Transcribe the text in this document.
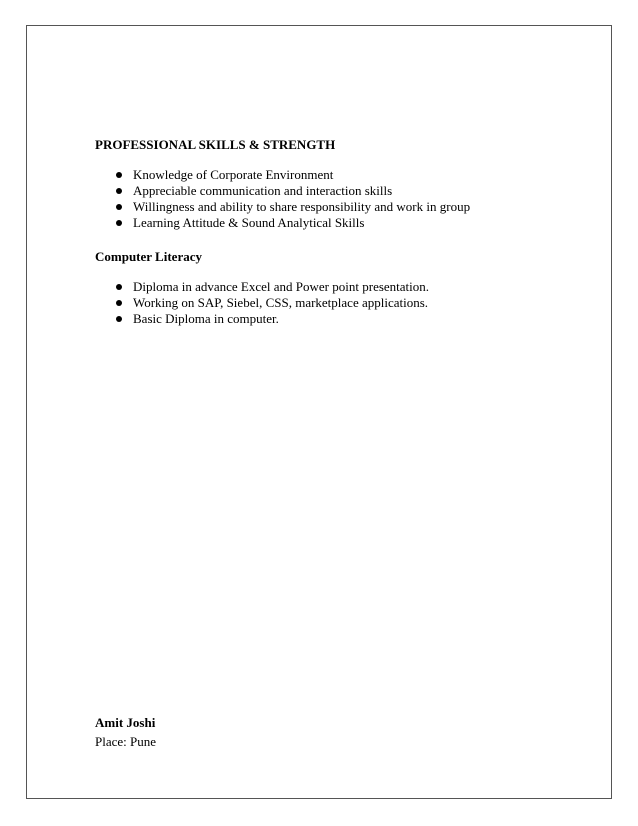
PROFESSIONAL SKILLS & STRENGTH
Knowledge of Corporate Environment
Appreciable communication and interaction skills
Willingness and ability to share responsibility and work in group
Learning Attitude & Sound Analytical Skills
Computer Literacy
Diploma in advance Excel and Power point presentation.
Working on SAP, Siebel, CSS, marketplace applications.
Basic Diploma in computer.
Amit Joshi
Place: Pune
